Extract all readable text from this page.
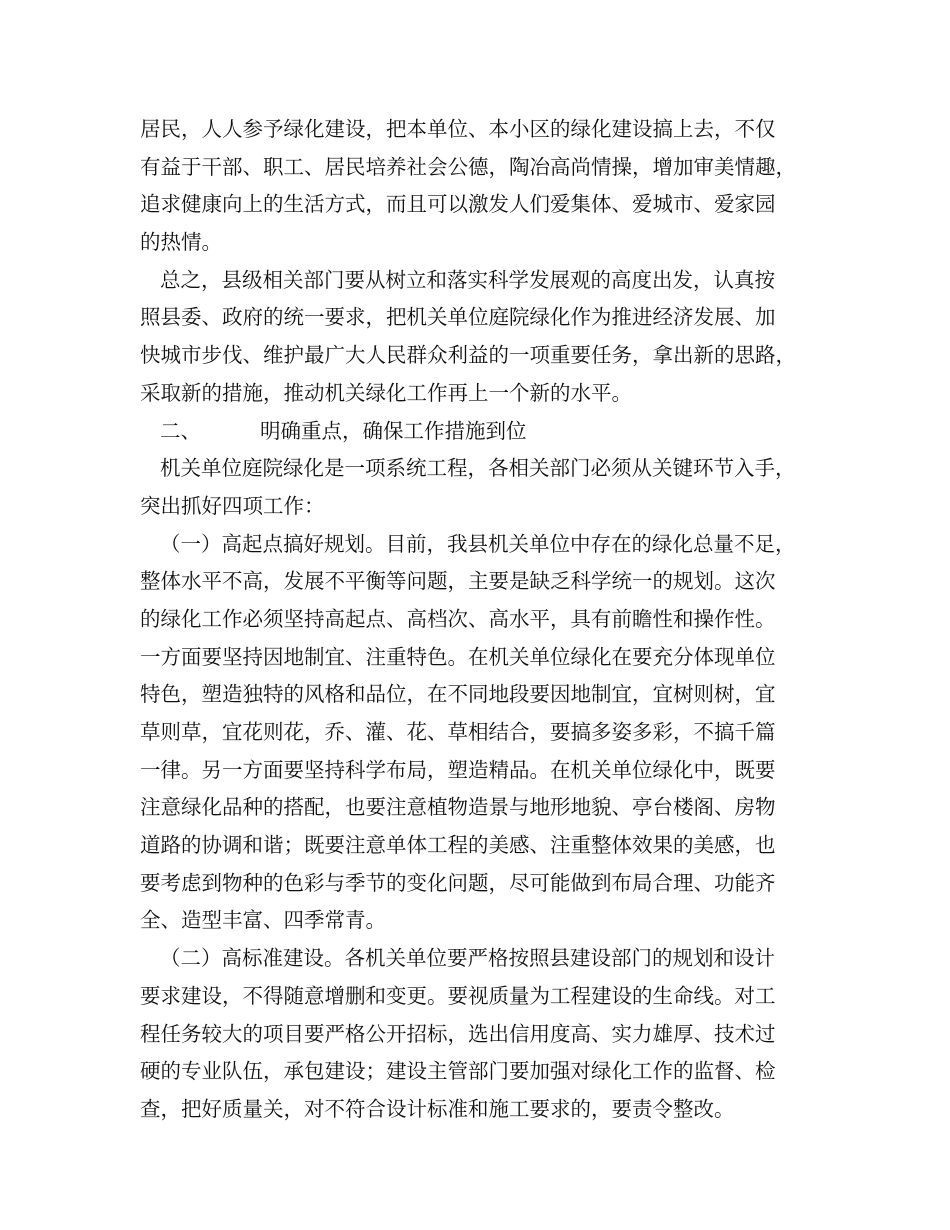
居民，人人参予绿化建设，把本单位、本小区的绿化建设搞上去，不仅
有益于干部、职工、居民培养社会公德，陶冶高尚情操，增加审美情趣，
追求健康向上的生活方式，而且可以激发人们爱集体、爱城市、爱家园
的热情。
总之，县级相关部门要从树立和落实科学发展观的高度出发，认真按
照县委、政府的统一要求，把机关单位庭院绿化作为推进经济发展、加
快城市步伐、维护最广大人民群众利益的一项重要任务，拿出新的思路，
采取新的措施，推动机关绿化工作再上一个新的水平。
二、	明确重点，确保工作措施到位
机关单位庭院绿化是一项系统工程，各相关部门必须从关键环节入手，
突出抓好四项工作：
（一）高起点搞好规划。目前，我县机关单位中存在的绿化总量不足，
整体水平不高，发展不平衡等问题，主要是缺乏科学统一的规划。这次
的绿化工作必须坚持高起点、高档次、高水平，具有前瞻性和操作性。
一方面要坚持因地制宜、注重特色。在机关单位绿化在要充分体现单位
特色，塑造独特的风格和品位，在不同地段要因地制宜，宜树则树，宜
草则草，宜花则花，乔、灌、花、草相结合，要搞多姿多彩，不搞千篇
一律。另一方面要坚持科学布局，塑造精品。在机关单位绿化中，既要
注意绿化品种的搭配，也要注意植物造景与地形地貌、亭台楼阁、房物
道路的协调和谐；既要注意单体工程的美感、注重整体效果的美感，也
要考虑到物种的色彩与季节的变化问题，尽可能做到布局合理、功能齐
全、造型丰富、四季常青。
（二）高标准建设。各机关单位要严格按照县建设部门的规划和设计
要求建设，不得随意增删和变更。要视质量为工程建设的生命线。对工
程任务较大的项目要严格公开招标，选出信用度高、实力雄厚、技术过
硬的专业队伍，承包建设；建设主管部门要加强对绿化工作的监督、检
查，把好质量关，对不符合设计标准和施工要求的，要责令整改。
